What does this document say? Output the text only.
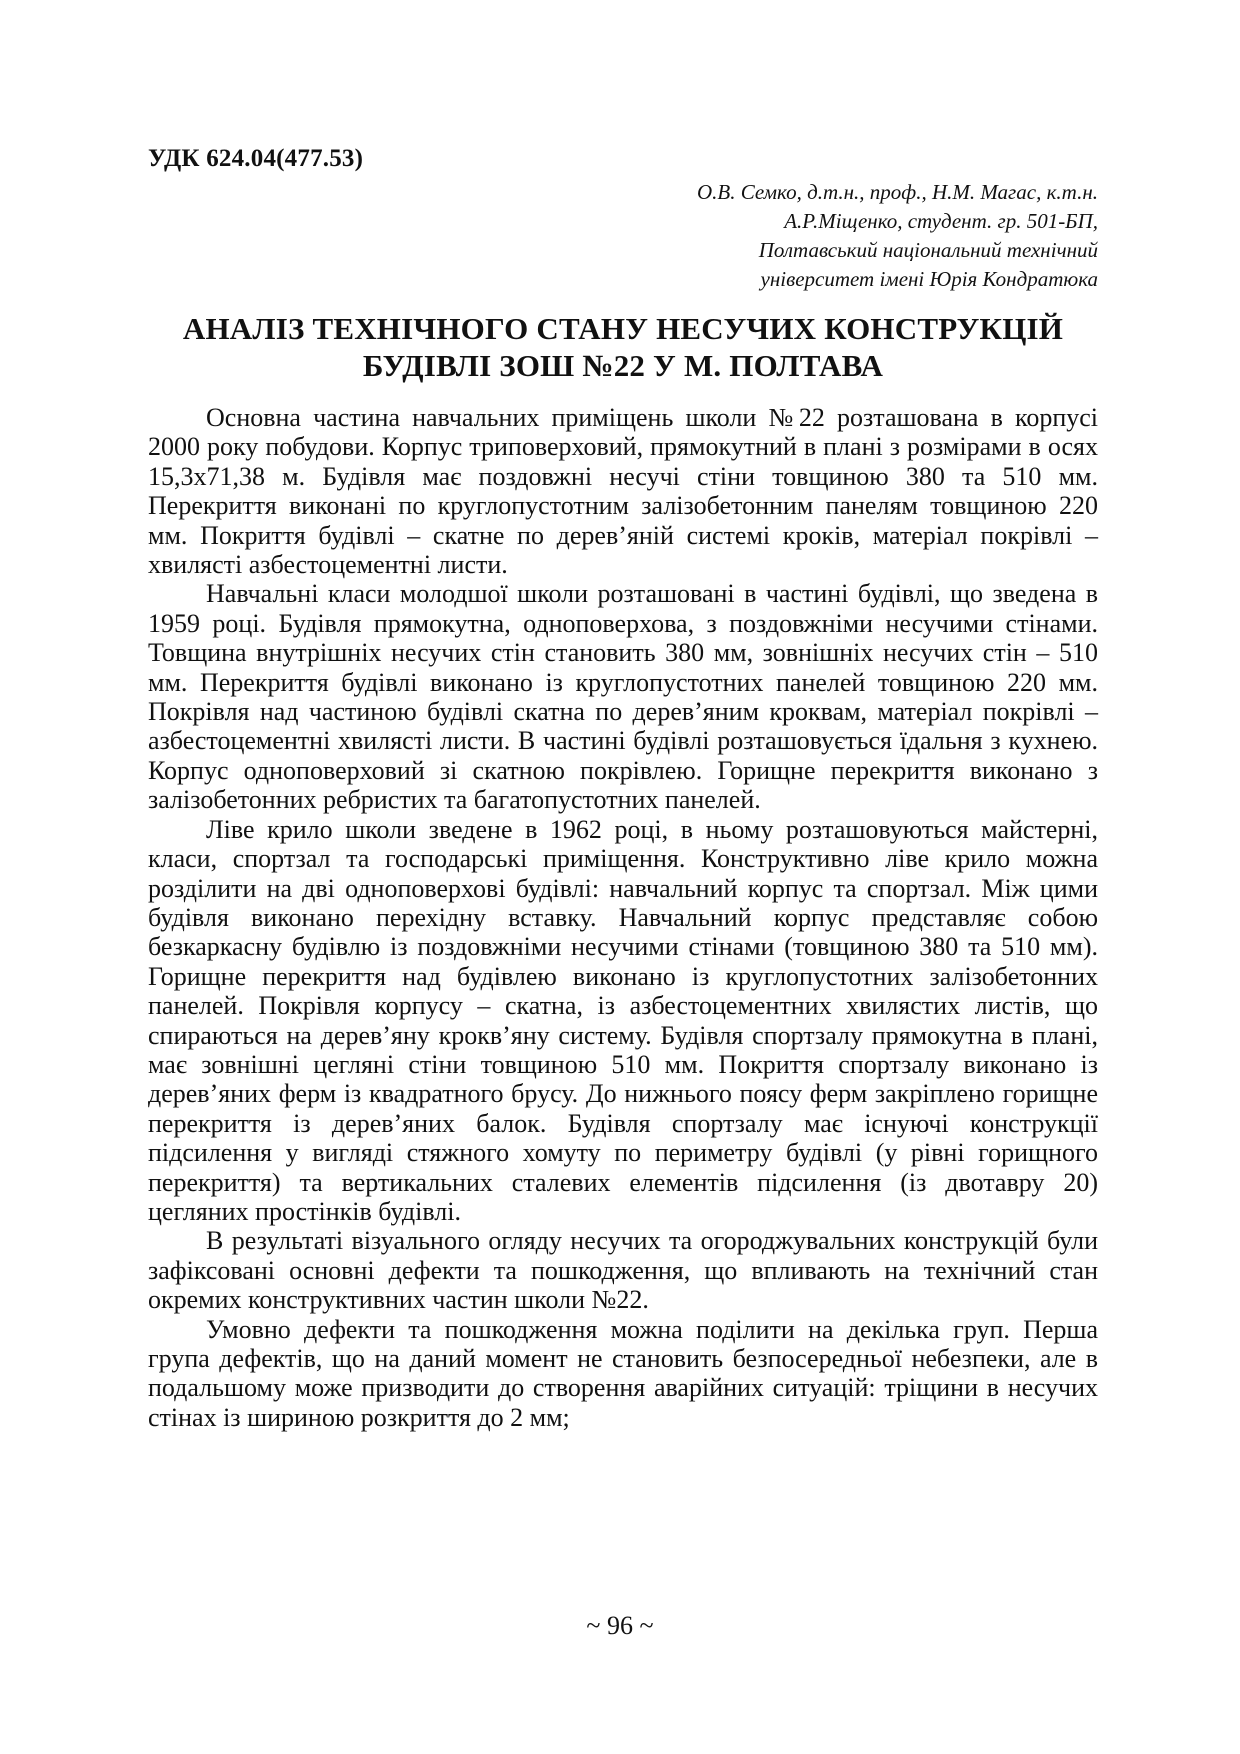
УДК 624.04(477.53)
О.В. Семко, д.т.н., проф., Н.М. Магас, к.т.н.
А.Р.Міщенко, студент. гр. 501-БП,
Полтавський національний технічний
університет імені Юрія Кондратюка
АНАЛІЗ ТЕХНІЧНОГО СТАНУ НЕСУЧИХ КОНСТРУКЦІЙ
БУДІВЛІ ЗОШ №22 У М. ПОЛТАВА

Основна частина навчальних приміщень школи №22 розташована в корпусі 2000 року побудови. Корпус триповерховий, прямокутний в плані з розмірами в осях 15,3х71,38 м. Будівля має поздовжні несучі стіни товщиною 380 та 510 мм. Перекриття виконані по круглопустотним залізобетонним панелям товщиною 220 мм. Покриття будівлі – скатне по дерев’яній системі кроків, матеріал покрівлі – хвилясті азбестоцементні листи.

Навчальні класи молодшої школи розташовані в частині будівлі, що зведена в 1959 році. Будівля прямокутна, одноповерхова, з поздовжніми несучими стінами. Товщина внутрішніх несучих стін становить 380 мм, зовнішніх несучих стін – 510 мм. Перекриття будівлі виконано із круглопустотних панелей товщиною 220 мм. Покрівля над частиною будівлі скатна по дерев’яним кроквам, матеріал покрівлі – азбестоцементні хвилясті листи. В частині будівлі розташовується їдальня з кухнею. Корпус одноповерховий зі скатною покрівлею. Горищне перекриття виконано з залізобетонних ребристих та багатопустотних панелей.

Ліве крило школи зведене в 1962 році, в ньому розташовуються майстерні, класи, спортзал та господарські приміщення. Конструктивно ліве крило можна розділити на дві одноповерхові будівлі: навчальний корпус та спортзал. Між цими будівля виконано перехідну вставку. Навчальний корпус представляє собою безкаркасну будівлю із поздовжніми несучими стінами (товщиною 380 та 510 мм). Горищне перекриття над будівлею виконано із круглопустотних залізобетонних панелей. Покрівля корпусу – скатна, із азбестоцементних хвилястих листів, що спираються на дерев’яну крокв’яну систему. Будівля спортзалу прямокутна в плані, має зовнішні цегляні стіни товщиною 510 мм. Покриття спортзалу виконано із дерев’яних ферм із квадратного брусу. До нижнього поясу ферм закріплено горищне перекриття із дерев’яних балок. Будівля спортзалу має існуючі конструкції підсилення у вигляді стяжного хомуту по периметру будівлі (у рівні горищного перекриття) та вертикальних сталевих елементів підсилення (із двотавру 20) цегляних простінків будівлі.

В результаті візуального огляду несучих та огороджувальних конструкцій були зафіксовані основні дефекти та пошкодження, що впливають на технічний стан окремих конструктивних частин школи №22.

Умовно дефекти та пошкодження можна поділити на декілька груп. Перша група дефектів, що на даний момент не становить безпосередньої небезпеки, але в подальшому може призводити до створення аварійних ситуацій: тріщини в несучих стінах із шириною розкриття до 2 мм;

~ 96 ~
